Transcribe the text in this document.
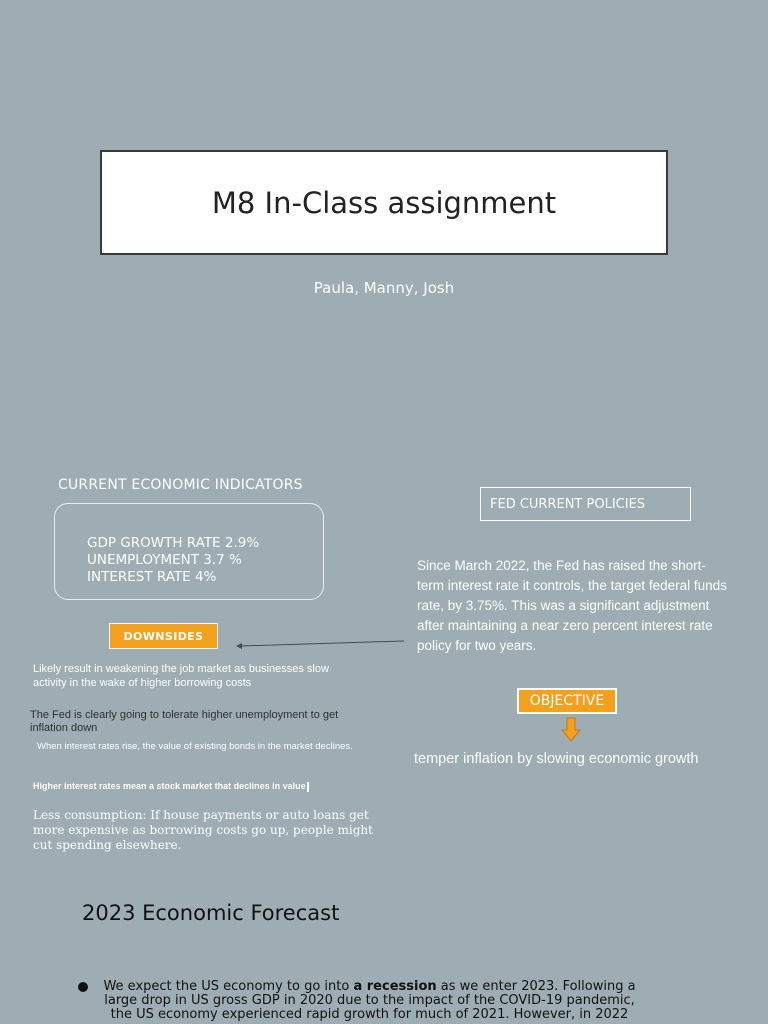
M8 In-Class assignment
Paula, Manny, Josh
CURRENT ECONOMIC INDICATORS
GDP GROWTH RATE 2.9%
UNEMPLOYMENT 3.7 %
INTEREST RATE 4%
DOWNSIDES
Likely result in weakening the job market as businesses slow activity in the wake of higher borrowing costs
The Fed is clearly going to tolerate higher unemployment to get inflation down
When interest rates rise, the value of existing bonds in the market declines.
Higher interest rates mean a stock market that declines in value
Less consumption: If house payments or auto loans get more expensive as borrowing costs go up, people might cut spending elsewhere.
FED CURRENT POLICIES
Since March 2022, the Fed has raised the short-term interest rate it controls, the target federal funds rate, by 3.75%. This was a significant adjustment after maintaining a near zero percent interest rate policy for two years.
OBJECTIVE
temper inflation by slowing economic growth
2023 Economic Forecast
We expect the US economy to go into a recession as we enter 2023. Following a large drop in US gross GDP in 2020 due to the impact of the COVID-19 pandemic, the US economy experienced rapid growth for much of 2021. However, in 2022
